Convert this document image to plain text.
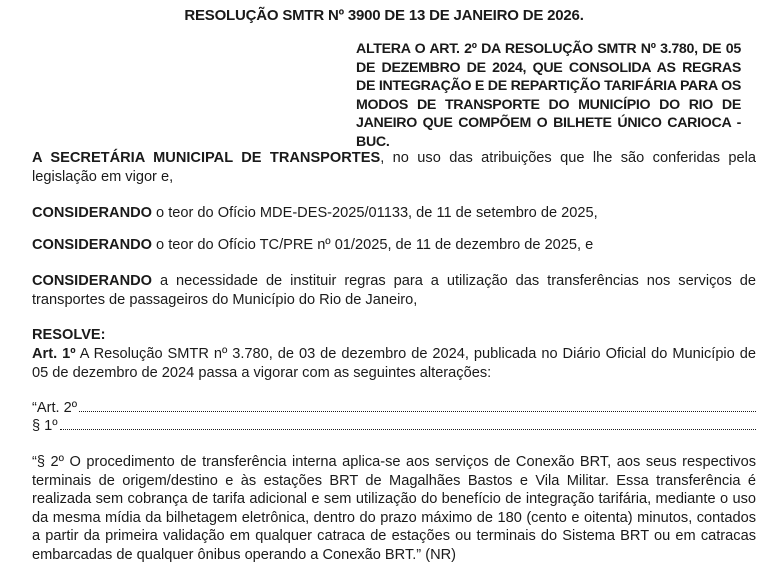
RESOLUÇÃO SMTR Nº 3900 DE 13 DE JANEIRO DE 2026.
ALTERA O ART. 2º DA RESOLUÇÃO SMTR Nº 3.780, DE 05 DE DEZEMBRO DE 2024, QUE CONSOLIDA AS REGRAS DE INTEGRAÇÃO E DE REPARTIÇÃO TARIFÁRIA PARA OS MODOS DE TRANSPORTE DO MUNICÍPIO DO RIO DE JANEIRO QUE COMPÕEM O BILHETE ÚNICO CARIOCA - BUC.
A SECRETÁRIA MUNICIPAL DE TRANSPORTES, no uso das atribuições que lhe são conferidas pela legislação em vigor e,
CONSIDERANDO o teor do Ofício MDE-DES-2025/01133, de 11 de setembro de 2025,
CONSIDERANDO o teor do Ofício TC/PRE nº 01/2025, de 11 de dezembro de 2025, e
CONSIDERANDO a necessidade de instituir regras para a utilização das transferências nos serviços de transportes de passageiros do Município do Rio de Janeiro,
RESOLVE:
Art. 1º A Resolução SMTR nº 3.780, de 03 de dezembro de 2024, publicada no Diário Oficial do Município de 05 de dezembro de 2024 passa a vigorar com as seguintes alterações:
“Art. 2º
§ 1º
“§ 2º O procedimento de transferência interna aplica-se aos serviços de Conexão BRT, aos seus respectivos terminais de origem/destino e às estações BRT de Magalhães Bastos e Vila Militar. Essa transferência é realizada sem cobrança de tarifa adicional e sem utilização do benefício de integração tarifária, mediante o uso da mesma mídia da bilhetagem eletrônica, dentro do prazo máximo de 180 (cento e oitenta) minutos, contados a partir da primeira validação em qualquer catraca de estações ou terminais do Sistema BRT ou em catracas embarcadas de qualquer ônibus operando a Conexão BRT.” (NR)
